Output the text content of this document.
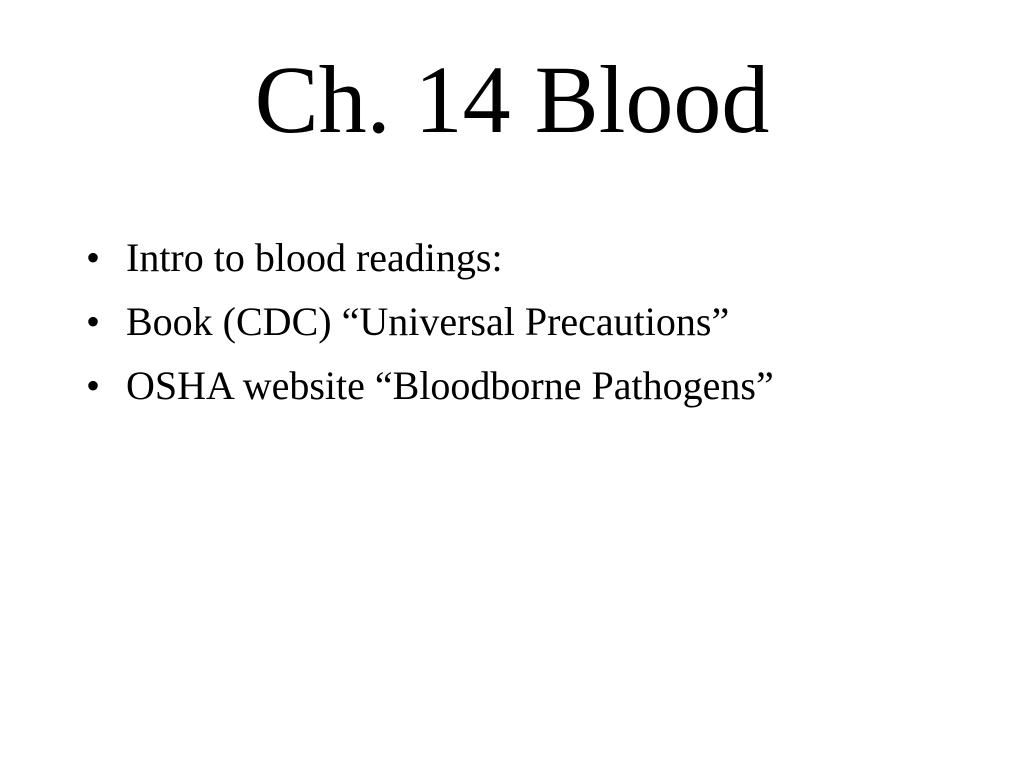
Ch. 14 Blood
• Intro to blood readings:
• Book (CDC) “Universal Precautions”
• OSHA website “Bloodborne Pathogens”
